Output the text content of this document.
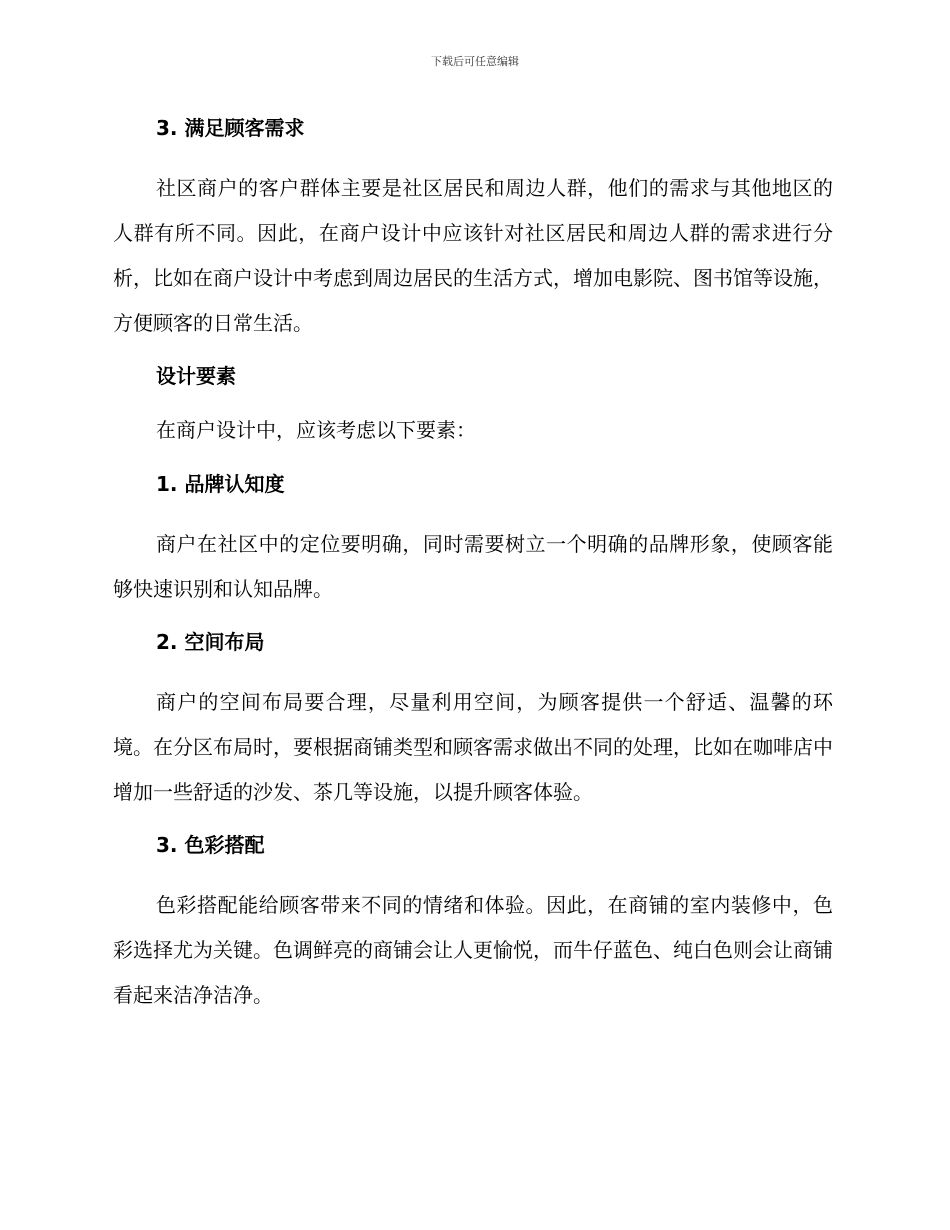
下载后可任意编辑
3. 满足顾客需求

社区商户的客户群体主要是社区居民和周边人群，他们的需求与其他地区的人群有所不同。因此，在商户设计中应该针对社区居民和周边人群的需求进行分析，比如在商户设计中考虑到周边居民的生活方式，增加电影院、图书馆等设施，方便顾客的日常生活。

设计要素

在商户设计中，应该考虑以下要素：

1. 品牌认知度

商户在社区中的定位要明确，同时需要树立一个明确的品牌形象，使顾客能够快速识别和认知品牌。

2. 空间布局

商户的空间布局要合理，尽量利用空间，为顾客提供一个舒适、温馨的环境。在分区布局时，要根据商铺类型和顾客需求做出不同的处理，比如在咖啡店中增加一些舒适的沙发、茶几等设施，以提升顾客体验。

3. 色彩搭配

色彩搭配能给顾客带来不同的情绪和体验。因此，在商铺的室内装修中，色彩选择尤为关键。色调鲜亮的商铺会让人更愉悦，而牛仔蓝色、纯白色则会让商铺看起来洁净洁净。
